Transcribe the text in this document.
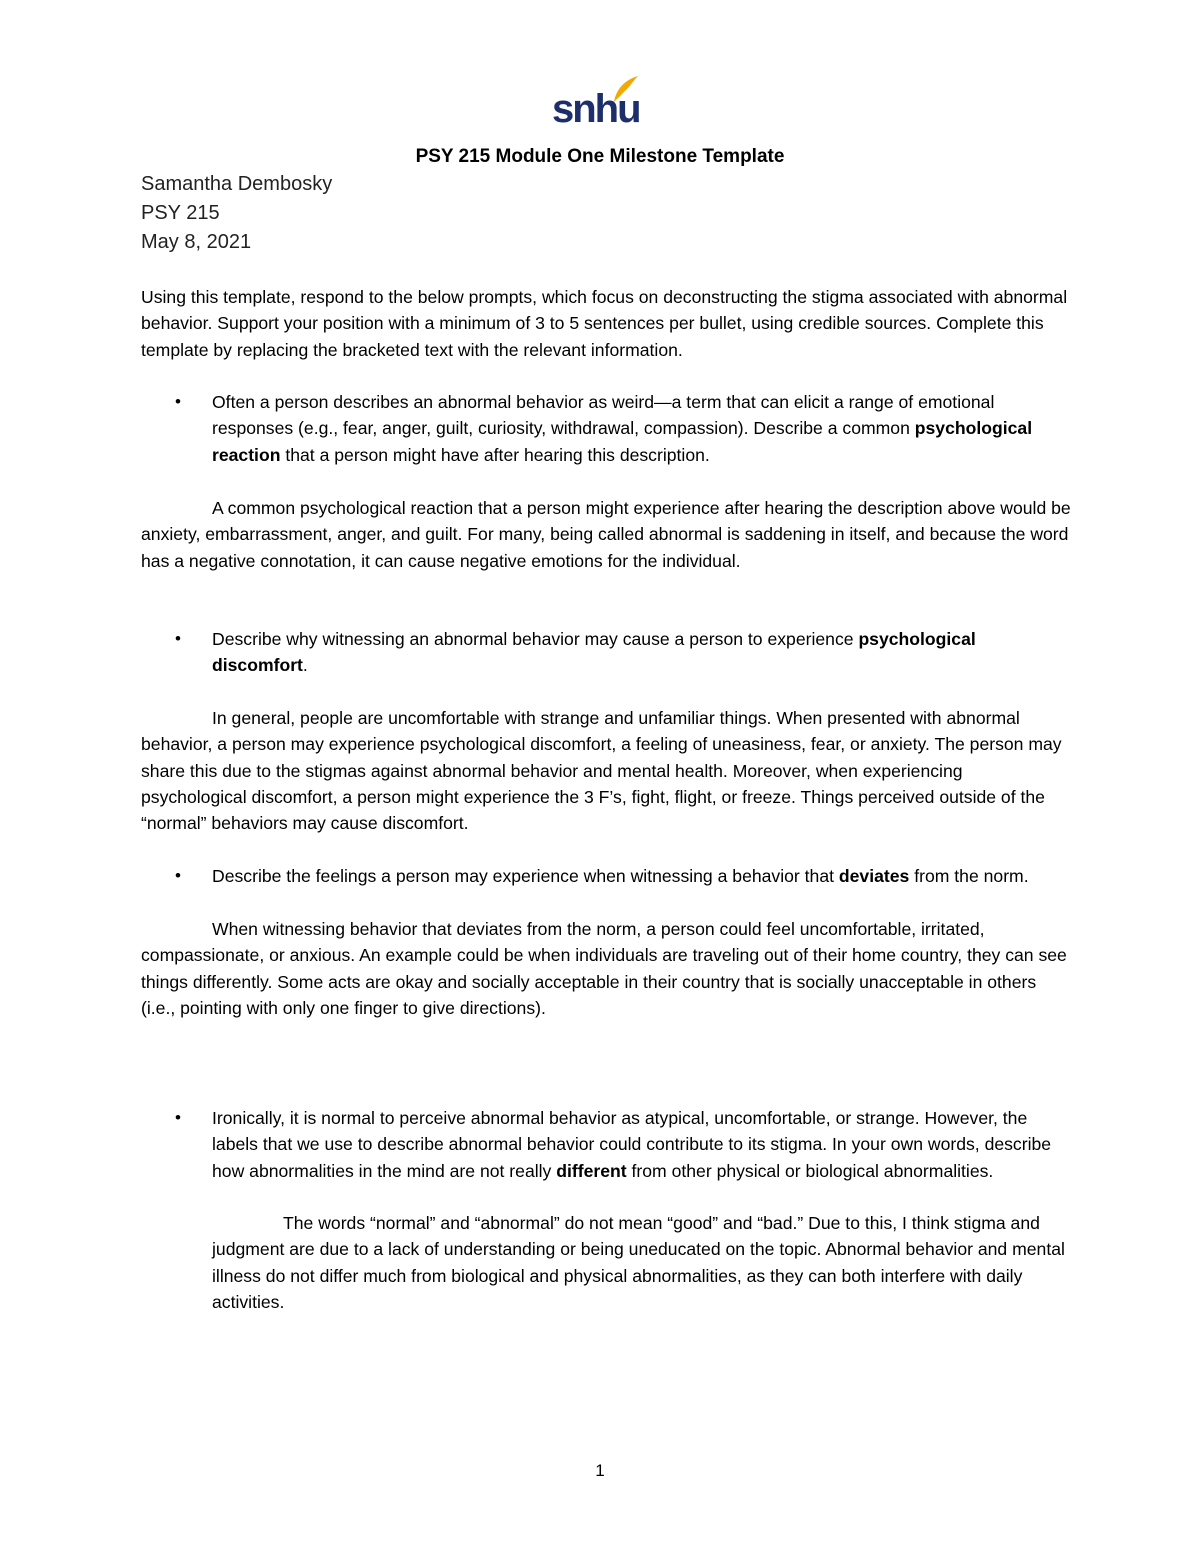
snhu
PSY 215 Module One Milestone Template
Samantha Dembosky
PSY 215
May 8, 2021

Using this template, respond to the below prompts, which focus on deconstructing the stigma associated with abnormal behavior. Support your position with a minimum of 3 to 5 sentences per bullet, using credible sources. Complete this template by replacing the bracketed text with the relevant information.

• Often a person describes an abnormal behavior as weird—a term that can elicit a range of emotional responses (e.g., fear, anger, guilt, curiosity, withdrawal, compassion). Describe a common psychological reaction that a person might have after hearing this description.

A common psychological reaction that a person might experience after hearing the description above would be anxiety, embarrassment, anger, and guilt. For many, being called abnormal is saddening in itself, and because the word has a negative connotation, it can cause negative emotions for the individual.

• Describe why witnessing an abnormal behavior may cause a person to experience psychological discomfort.

In general, people are uncomfortable with strange and unfamiliar things. When presented with abnormal behavior, a person may experience psychological discomfort, a feeling of uneasiness, fear, or anxiety. The person may share this due to the stigmas against abnormal behavior and mental health. Moreover, when experiencing psychological discomfort, a person might experience the 3 F’s, fight, flight, or freeze. Things perceived outside of the “normal” behaviors may cause discomfort.

• Describe the feelings a person may experience when witnessing a behavior that deviates from the norm.

When witnessing behavior that deviates from the norm, a person could feel uncomfortable, irritated, compassionate, or anxious. An example could be when individuals are traveling out of their home country, they can see things differently. Some acts are okay and socially acceptable in their country that is socially unacceptable in others (i.e., pointing with only one finger to give directions).

• Ironically, it is normal to perceive abnormal behavior as atypical, uncomfortable, or strange. However, the labels that we use to describe abnormal behavior could contribute to its stigma. In your own words, describe how abnormalities in the mind are not really different from other physical or biological abnormalities.

The words “normal” and “abnormal” do not mean “good” and “bad.” Due to this, I think stigma and judgment are due to a lack of understanding or being uneducated on the topic. Abnormal behavior and mental illness do not differ much from biological and physical abnormalities, as they can both interfere with daily activities.

1
